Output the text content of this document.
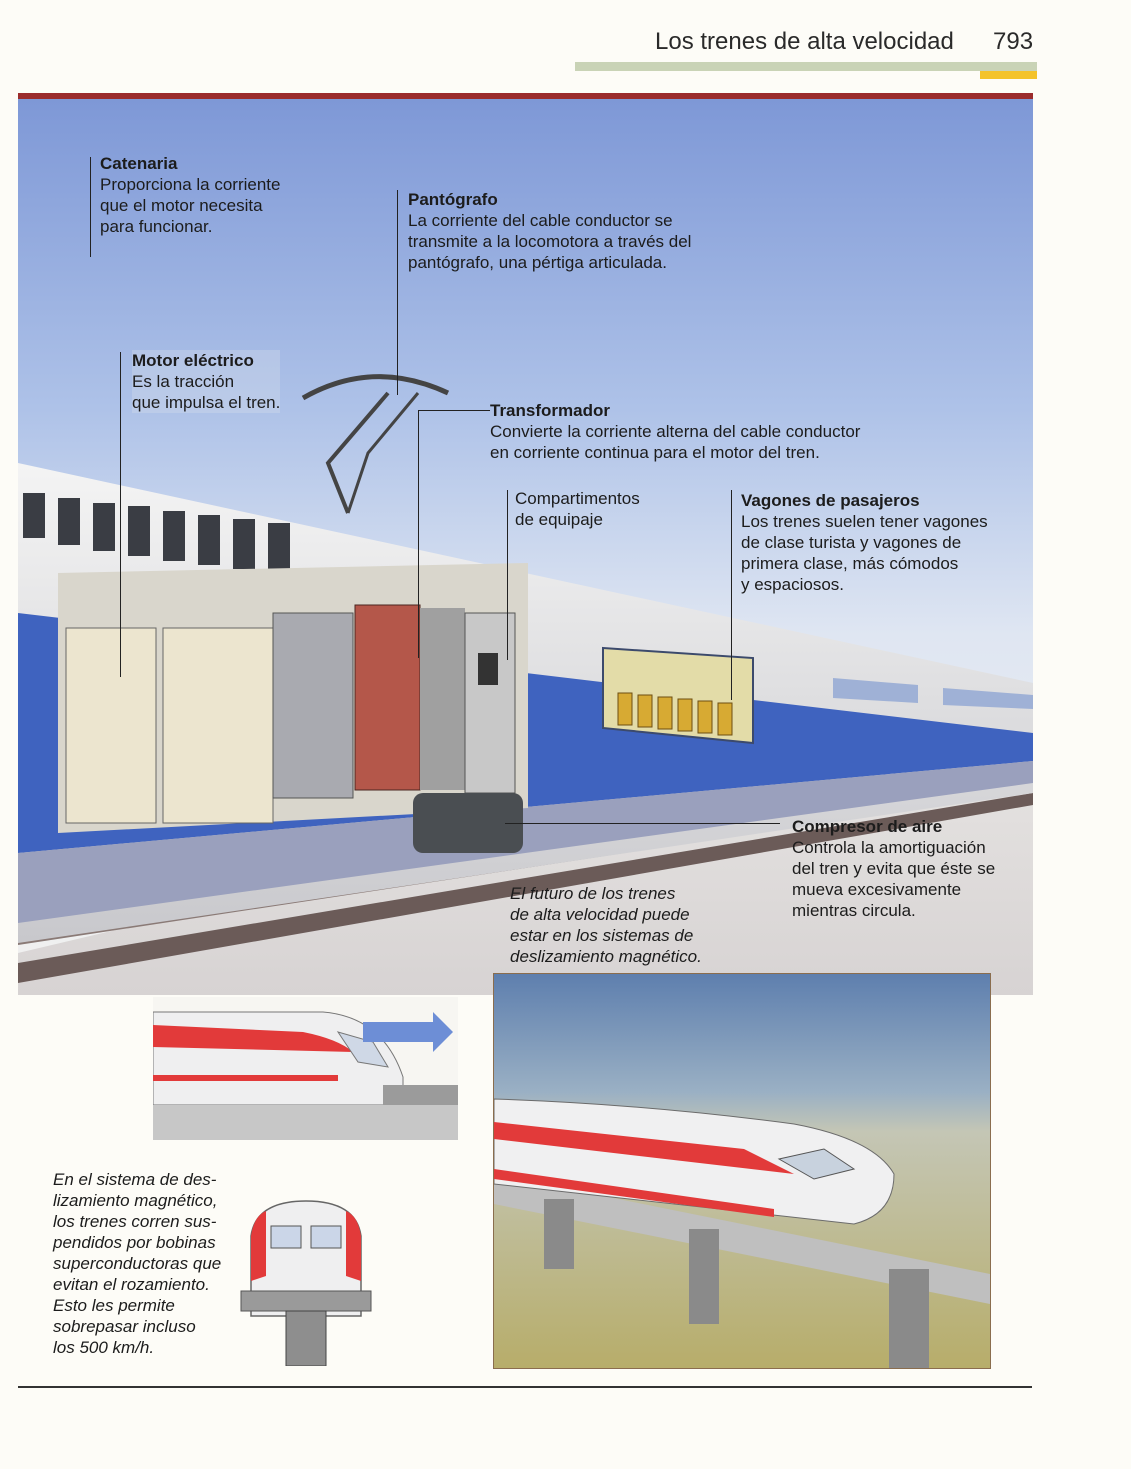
Los trenes de alta velocidad 793
Catenaria
Proporciona la corriente
que el motor necesita
para funcionar.
Pantógrafo
La corriente del cable conductor se
transmite a la locomotora a través del
pantógrafo, una pértiga articulada.
Motor eléctrico
Es la tracción
que impulsa el tren.	Transformador
Convierte la corriente alterna del cable conductor
en corriente continua para el motor del tren.
Compartimentos
de equipaje
Vagones de pasajeros
Los trenes suelen tener vagones
de clase turista y vagones de
primera clase, más cómodos
y espaciosos.
Compresor de aire
Controla la amortiguación
del tren y evita que éste se
mueva excesivamente
mientras circula.
El futuro de los trenes
de alta velocidad puede
estar en los sistemas de
deslizamiento magnético.
En el sistema de des-
lizamiento magnético,
los trenes corren sus-
pendidos por bobinas
superconductoras que
evitan el rozamiento.
Esto les permite
sobrepasar incluso
los 500 km/h.
